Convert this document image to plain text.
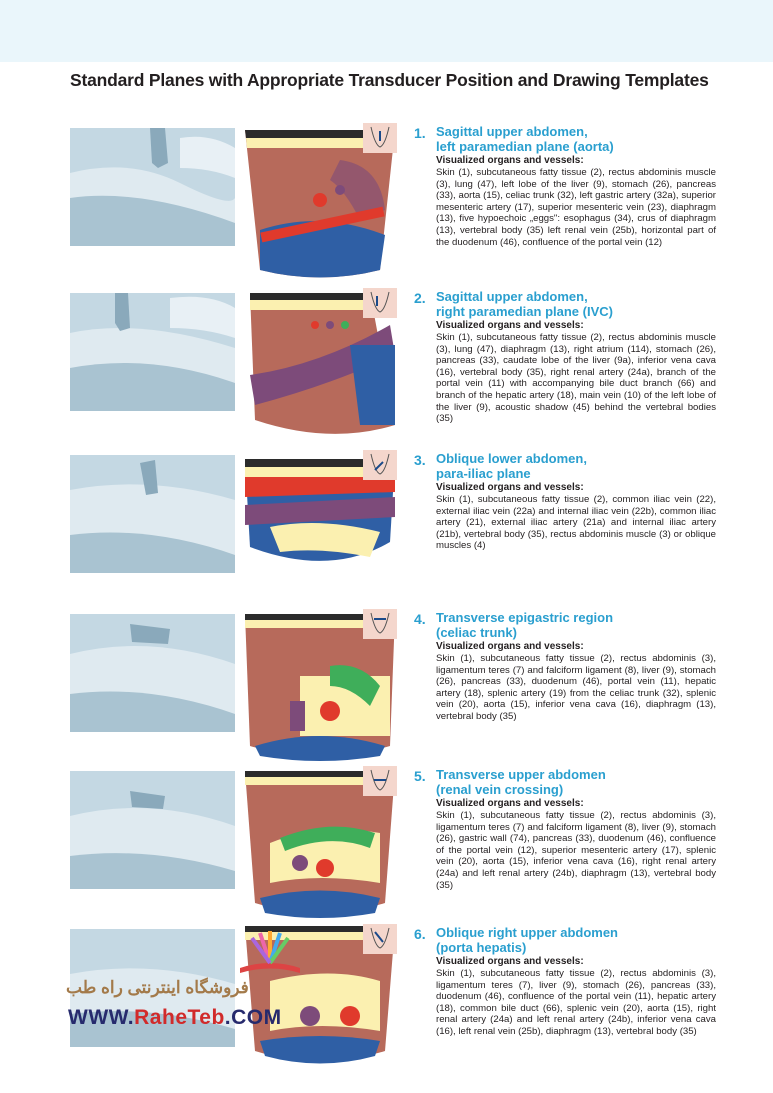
Standard Planes with Appropriate Transducer Position and Drawing Templates
1. Sagittal upper abdomen,
left paramedian plane (aorta)
Visualized organs and vessels:
Skin (1), subcutaneous fatty tissue (2), rectus abdominis muscle (3), lung (47), left lobe of the liver (9), stomach (26), pancreas (33), aorta (15), celiac trunk (32), left gastric artery (32a), superior mesenteric artery (17), superior mesenteric vein (23), diaphragm (13), five hypoechoic „eggs": esophagus (34), crus of diaphragm (13), vertebral body (35) left renal vein (25b), horizontal part of the duodenum (46), confluence of the portal vein (12)
2. Sagittal upper abdomen,
right paramedian plane (IVC)
Visualized organs and vessels:
Skin (1), subcutaneous fatty tissue (2), rectus abdominis muscle (3), lung (47), diaphragm (13), right atrium (114), stomach (26), pancreas (33), caudate lobe of the liver (9a), inferior vena cava (16), vertebral body (35), right renal artery (24a), branch of the portal vein (11) with accompanying bile duct branch (66) and branch of the hepatic artery (18), main vein (10) of the left lobe of the liver (9), acoustic shadow (45) behind the vertebral bodies (35)
3. Oblique lower abdomen,
para-iliac plane
Visualized organs and vessels:
Skin (1), subcutaneous fatty tissue (2), common iliac vein (22), external iliac vein (22a) and internal iliac vein (22b), common iliac artery (21), external iliac artery (21a) and internal iliac artery (21b), vertebral body (35), rectus abdominis muscle (3) or oblique muscles (4)
4. Transverse epigastric region
(celiac trunk)
Visualized organs and vessels:
Skin (1), subcutaneous fatty tissue (2), rectus abdominis (3), ligamentum teres (7) and falciform ligament (8), liver (9), stomach (26), pancreas (33), duodenum (46), portal vein (11), hepatic artery (18), splenic artery (19) from the celiac trunk (32), splenic vein (20), aorta (15), inferior vena cava (16), diaphragm (13), vertebral body (35)
5. Transverse upper abdomen
(renal vein crossing)
Visualized organs and vessels:
Skin (1), subcutaneous fatty tissue (2), rectus abdominis (3), ligamentum teres (7) and falciform ligament (8), liver (9), stomach (26), gastric wall (74), pancreas (33), duodenum (46), confluence of the portal vein (12), superior mesenteric artery (17), splenic vein (20), aorta (15), inferior vena cava (16), right renal artery (24a) and left renal artery (24b), diaphragm (13), vertebral body (35)
6. Oblique right upper abdomen
(porta hepatis)
Visualized organs and vessels:
Skin (1), subcutaneous fatty tissue (2), rectus abdominis (3), ligamentum teres (7), liver (9), stomach (26), pancreas (33), duodenum (46), confluence of the portal vein (11), hepatic artery (18), common bile duct (66), splenic vein (20), aorta (15), right renal artery (24a) and left renal artery (24b), inferior vena cava (16), left renal vein (25b), diaphragm (13), vertebral body (35)
فروشگاه اینترنتی راه طب
WWW.RaheTeb.COM
